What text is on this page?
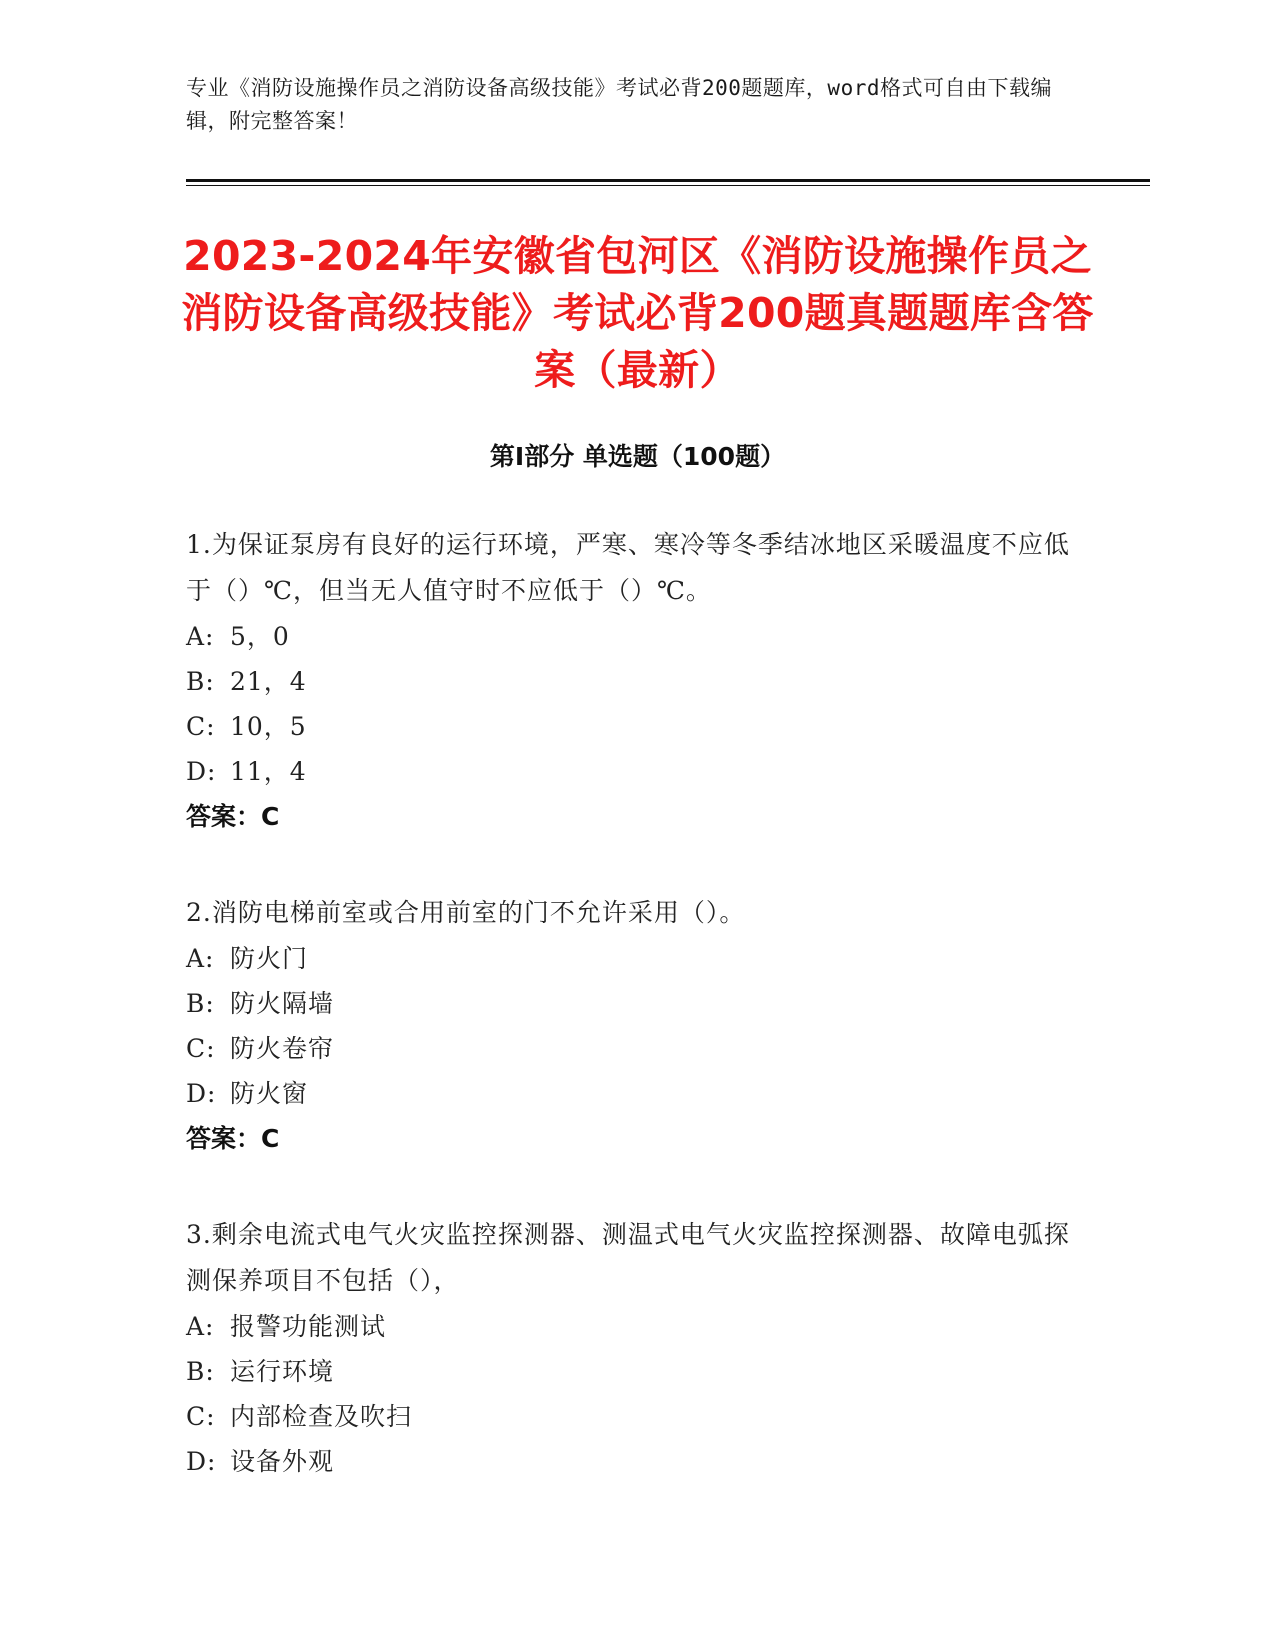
专业《消防设施操作员之消防设备高级技能》考试必背200题题库，word格式可自由下载编辑，附完整答案！
2023-2024年安徽省包河区《消防设施操作员之消防设备高级技能》考试必背200题真题题库含答案（最新）
第I部分 单选题（100题）
1.为保证泵房有良好的运行环境，严寒、寒冷等冬季结冰地区采暖温度不应低于（）℃，但当无人值守时不应低于（）℃。
A: 5，0
B: 21，4
C: 10，5
D: 11，4
答案：C
2.消防电梯前室或合用前室的门不允许采用（）。
A: 防火门
B: 防火隔墙
C: 防火卷帘
D: 防火窗
答案：C
3.剩余电流式电气火灾监控探测器、测温式电气火灾监控探测器、故障电弧探测保养项目不包括（），
A: 报警功能测试
B: 运行环境
C: 内部检查及吹扫
D: 设备外观
